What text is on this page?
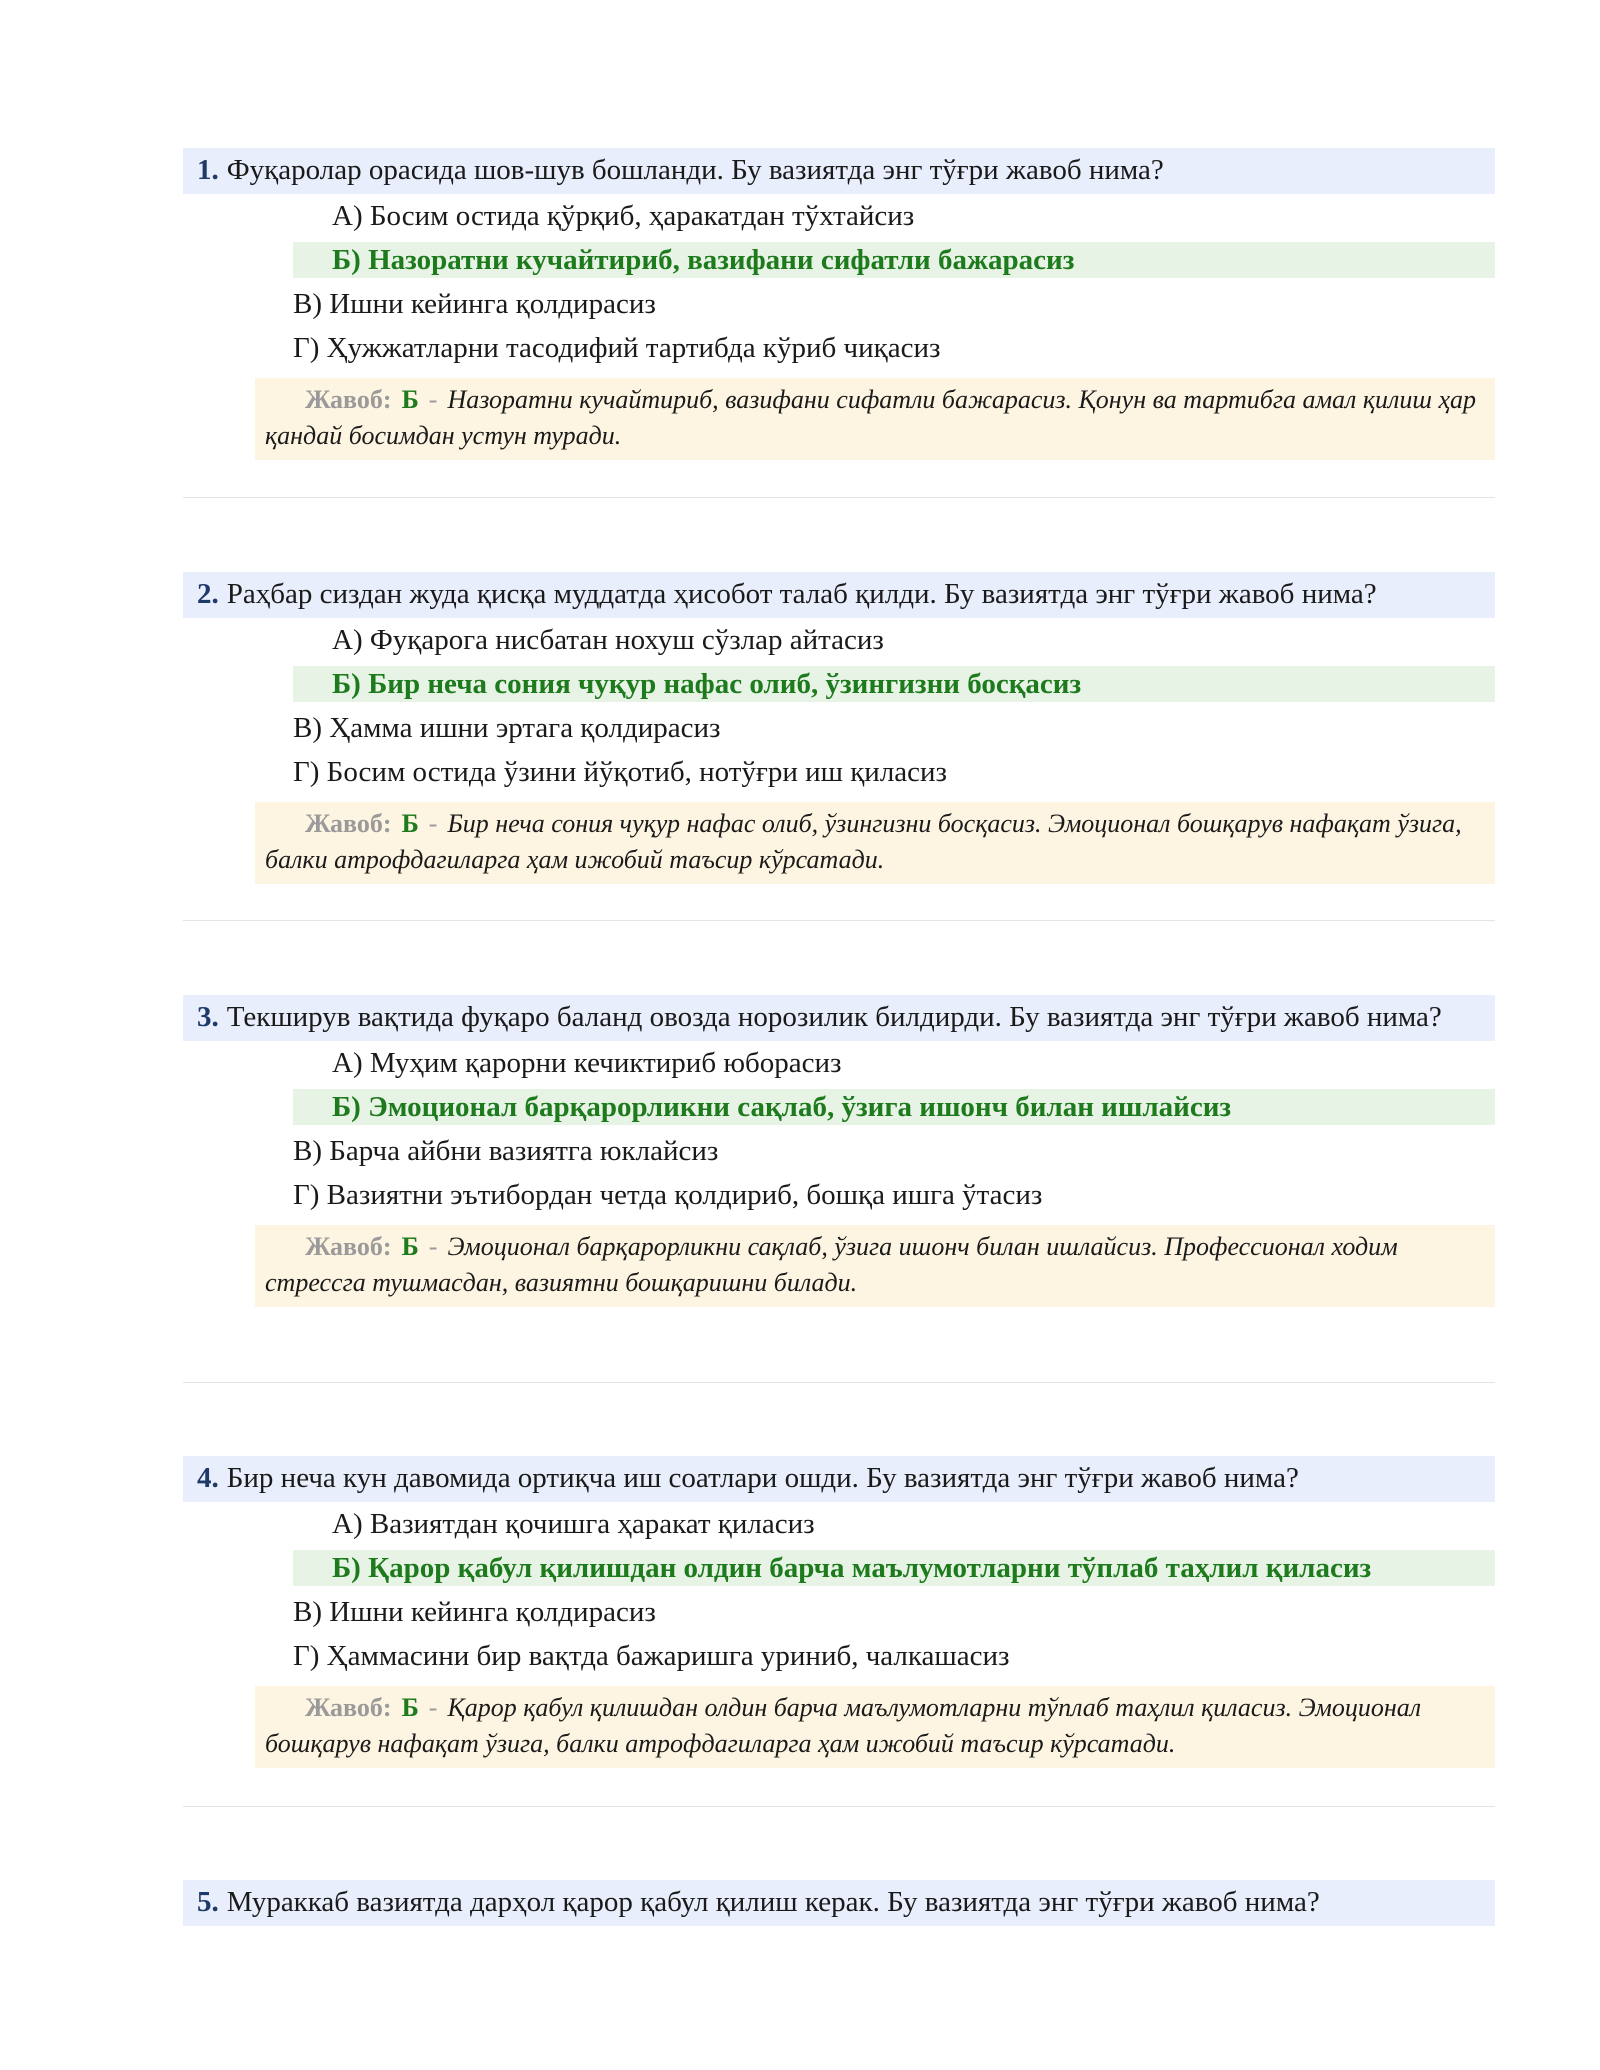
1. Фуқаролар орасида шов-шув бошланди. Бу вазиятда энг тўғри жавоб нима?
А) Босим остида қўрқиб, ҳаракатдан тўхтайсиз
Б) Назоратни кучайтириб, вазифани сифатли бажарасиз
В) Ишни кейинга қолдирасиз
Г) Ҳужжатларни тасодифий тартибда кўриб чиқасиз
Жавоб: Б - Назоратни кучайтириб, вазифани сифатли бажарасиз. Қонун ва тартибга амал қилиш ҳар қандай босимдан устун туради.
2. Раҳбар сиздан жуда қисқа муддатда ҳисобот талаб қилди. Бу вазиятда энг тўғри жавоб нима?
А) Фуқарога нисбатан нохуш сўзлар айтасиз
Б) Бир неча сония чуқур нафас олиб, ўзингизни босқасиз
В) Ҳамма ишни эртага қолдирасиз
Г) Босим остида ўзини йўқотиб, нотўғри иш қиласиз
Жавоб: Б - Бир неча сония чуқур нафас олиб, ўзингизни босқасиз. Эмоционал бошқарув нафақат ўзига, балки атрофдагиларга ҳам ижобий таъсир кўрсатади.
3. Текширув вақтида фуқаро баланд овозда норозилик билдирди. Бу вазиятда энг тўғри жавоб нима?
А) Муҳим қарорни кечиктириб юборасиз
Б) Эмоционал барқарорликни сақлаб, ўзига ишонч билан ишлайсиз
В) Барча айбни вазиятга юклайсиз
Г) Вазиятни эътибордан четда қолдириб, бошқа ишга ўтасиз
Жавоб: Б - Эмоционал барқарорликни сақлаб, ўзига ишонч билан ишлайсиз. Профессионал ходим стрессга тушмасдан, вазиятни бошқаришни билади.
4. Бир неча кун давомида ортиқча иш соатлари ошди. Бу вазиятда энг тўғри жавоб нима?
А) Вазиятдан қочишга ҳаракат қиласиз
Б) Қарор қабул қилишдан олдин барча маълумотларни тўплаб таҳлил қиласиз
В) Ишни кейинга қолдирасиз
Г) Ҳаммасини бир вақтда бажаришга уриниб, чалкашасиз
Жавоб: Б - Қарор қабул қилишдан олдин барча маълумотларни тўплаб таҳлил қиласиз. Эмоционал бошқарув нафақат ўзига, балки атрофдагиларга ҳам ижобий таъсир кўрсатади.
5. Мураккаб вазиятда дарҳол қарор қабул қилиш керак. Бу вазиятда энг тўғри жавоб нима?
